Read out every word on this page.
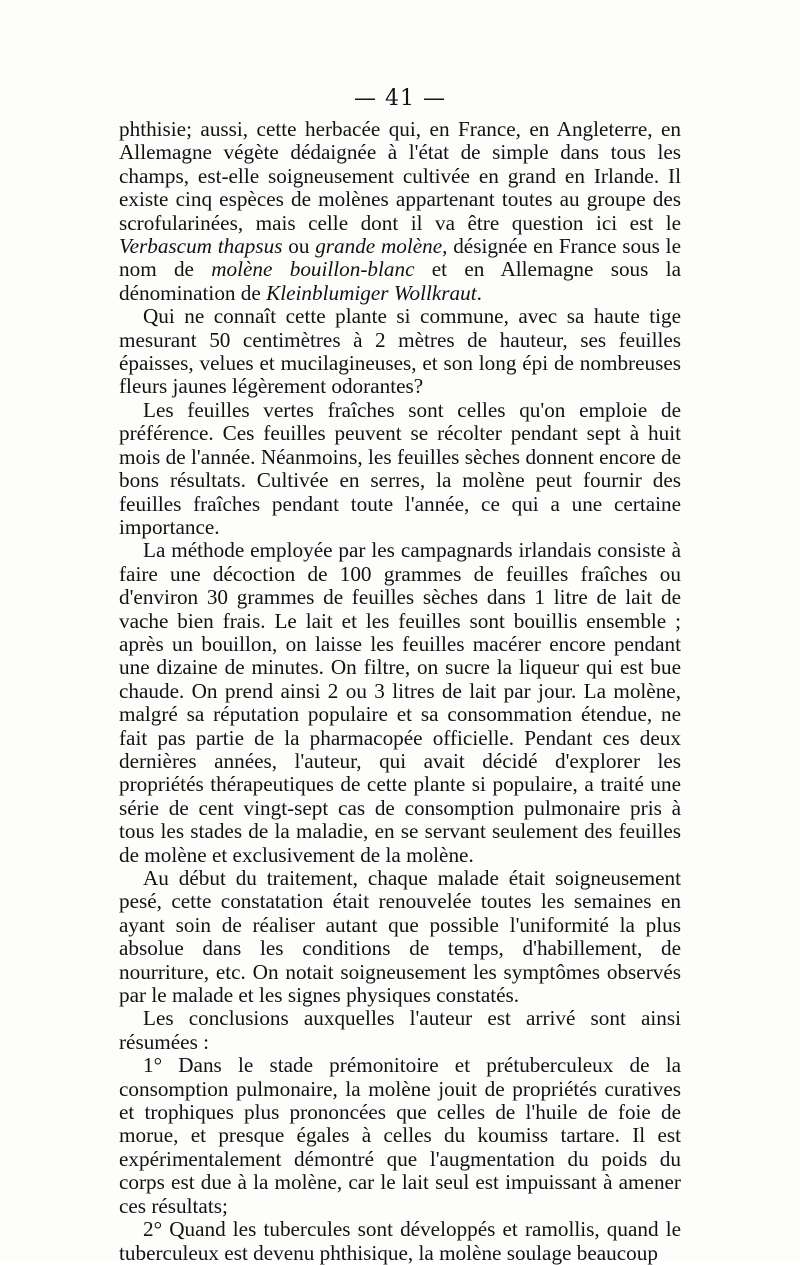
— 41 —

phthisie; aussi, cette herbacée qui, en France, en Angleterre, en Allemagne végète dédaignée à l'état de simple dans tous les champs, est-elle soigneusement cultivée en grand en Irlande. Il existe cinq espèces de molènes appartenant toutes au groupe des scrofularinées, mais celle dont il va être question ici est le Verbascum thapsus ou grande molène, désignée en France sous le nom de molène bouillon-blanc et en Allemagne sous la dénomination de Kleinblumiger Wollkraut.

Qui ne connaît cette plante si commune, avec sa haute tige mesurant 50 centimètres à 2 mètres de hauteur, ses feuilles épaisses, velues et mucilagineuses, et son long épi de nombreuses fleurs jaunes légèrement odorantes?

Les feuilles vertes fraîches sont celles qu'on emploie de préférence. Ces feuilles peuvent se récolter pendant sept à huit mois de l'année. Néanmoins, les feuilles sèches donnent encore de bons résultats. Cultivée en serres, la molène peut fournir des feuilles fraîches pendant toute l'année, ce qui a une certaine importance.

La méthode employée par les campagnards irlandais consiste à faire une décoction de 100 grammes de feuilles fraîches ou d'environ 30 grammes de feuilles sèches dans 1 litre de lait de vache bien frais. Le lait et les feuilles sont bouillis ensemble ; après un bouillon, on laisse les feuilles macérer encore pendant une dizaine de minutes. On filtre, on sucre la liqueur qui est bue chaude. On prend ainsi 2 ou 3 litres de lait par jour. La molène, malgré sa réputation populaire et sa consommation étendue, ne fait pas partie de la pharmacopée officielle. Pendant ces deux dernières années, l'auteur, qui avait décidé d'explorer les propriétés thérapeutiques de cette plante si populaire, a traité une série de cent vingt-sept cas de consomption pulmonaire pris à tous les stades de la maladie, en se servant seulement des feuilles de molène et exclusivement de la molène.

Au début du traitement, chaque malade était soigneusement pesé, cette constatation était renouvelée toutes les semaines en ayant soin de réaliser autant que possible l'uniformité la plus absolue dans les conditions de temps, d'habillement, de nourriture, etc. On notait soigneusement les symptômes observés par le malade et les signes physiques constatés.

Les conclusions auxquelles l'auteur est arrivé sont ainsi résumées :

1° Dans le stade prémonitoire et prétuberculeux de la consomption pulmonaire, la molène jouit de propriétés curatives et trophiques plus prononcées que celles de l'huile de foie de morue, et presque égales à celles du koumiss tartare. Il est expérimentalement démontré que l'augmentation du poids du corps est due à la molène, car le lait seul est impuissant à amener ces résultats;

2° Quand les tubercules sont développés et ramollis, quand le tuberculeux est devenu phthisique, la molène soulage beaucoup
